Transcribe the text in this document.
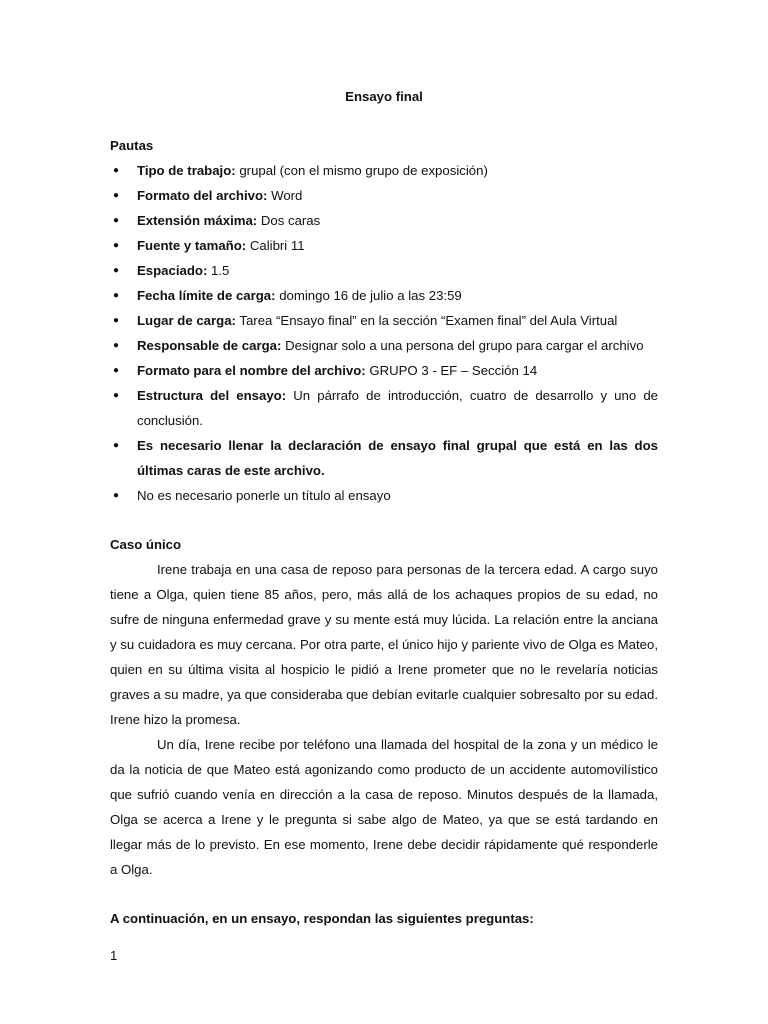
Ensayo final
Pautas
● Tipo de trabajo: grupal (con el mismo grupo de exposición)
● Formato del archivo: Word
● Extensión máxima: Dos caras
● Fuente y tamaño: Calibri 11
● Espaciado: 1.5
● Fecha límite de carga: domingo 16 de julio a las 23:59
● Lugar de carga: Tarea “Ensayo final” en la sección “Examen final” del Aula Virtual
● Responsable de carga: Designar solo a una persona del grupo para cargar el archivo
● Formato para el nombre del archivo: GRUPO 3 - EF – Sección 14
● Estructura del ensayo: Un párrafo de introducción, cuatro de desarrollo y uno de conclusión.
● Es necesario llenar la declaración de ensayo final grupal que está en las dos últimas caras de este archivo.
● No es necesario ponerle un título al ensayo
Caso único

Irene trabaja en una casa de reposo para personas de la tercera edad. A cargo suyo tiene a Olga, quien tiene 85 años, pero, más allá de los achaques propios de su edad, no sufre de ninguna enfermedad grave y su mente está muy lúcida. La relación entre la anciana y su cuidadora es muy cercana. Por otra parte, el único hijo y pariente vivo de Olga es Mateo, quien en su última visita al hospicio le pidió a Irene prometer que no le revelaría noticias graves a su madre, ya que consideraba que debían evitarle cualquier sobresalto por su edad. Irene hizo la promesa.

Un día, Irene recibe por teléfono una llamada del hospital de la zona y un médico le da la noticia de que Mateo está agonizando como producto de un accidente automovilístico que sufrió cuando venía en dirección a la casa de reposo. Minutos después de la llamada, Olga se acerca a Irene y le pregunta si sabe algo de Mateo, ya que se está tardando en llegar más de lo previsto. En ese momento, Irene debe decidir rápidamente qué responderle a Olga.

A continuación, en un ensayo, respondan las siguientes preguntas:
1
